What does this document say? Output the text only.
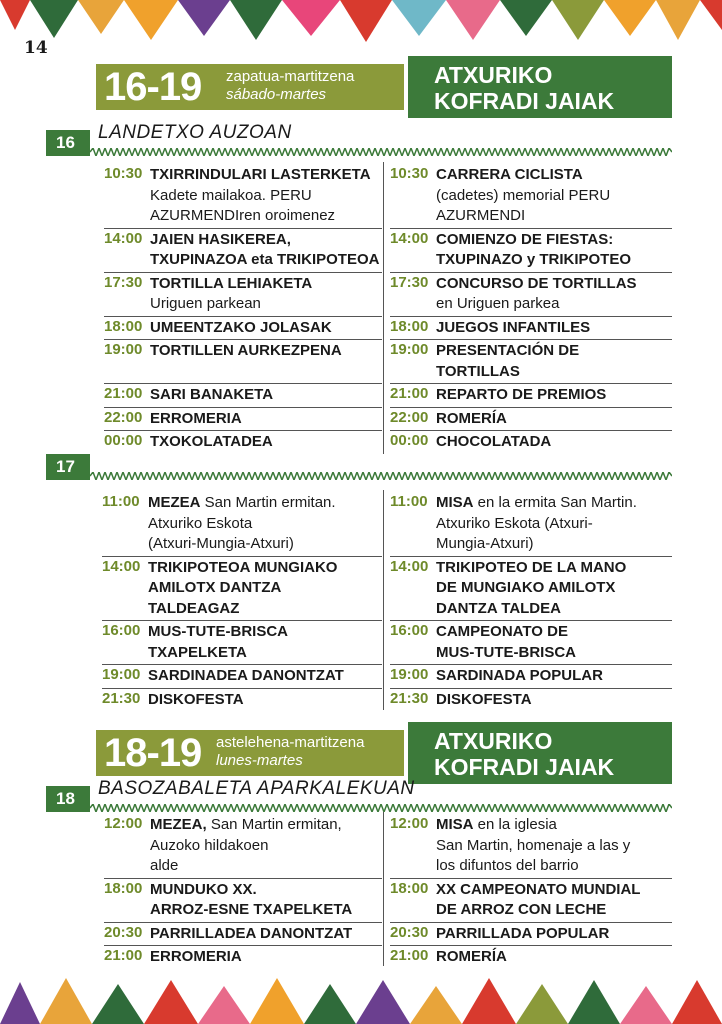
14
16-19 zapatua-martitzena
sábado-martes
ATXURIKO
KOFRADI JAIAK
16	LANDETXO AUZOAN
10:30 TXIRRINDULARI LASTERKETA
Kadete mailakoa. PERU
AZURMENDIren oroimenez
14:00 JAIEN HASIKEREA,
TXUPINAZOA eta TRIKIPOTEOA
17:30 TORTILLA LEHIAKETA
Uriguen parkean
18:00 UMEENTZAKO JOLASAK
19:00 TORTILLEN AURKEZPENA

21:00 SARI BANAKETA
22:00 ERROMERIA
00:00 TXOKOLATADEA
10:30 CARRERA CICLISTA
(cadetes) memorial PERU
AZURMENDI
14:00 COMIENZO DE FIESTAS:
TXUPINAZO y TRIKIPOTEO
17:30 CONCURSO DE TORTILLAS
en Uriguen parkea
18:00 JUEGOS INFANTILES
19:00 PRESENTACIÓN DE
TORTILLAS
21:00 REPARTO DE PREMIOS
22:00 ROMERÍA
00:00 CHOCOLATADA
17
11:00 MEZEA San Martin ermitan.
Atxuriko Eskota
(Atxuri-Mungia-Atxuri)
14:00 TRIKIPOTEOA MUNGIAKO
AMILOTX DANTZA
TALDEAGAZ
16:00 MUS-TUTE-BRISCA
TXAPELKETA
19:00 SARDINADEA DANONTZAT
21:30 DISKOFESTA
11:00 MISA en la ermita San Martin.
Atxuriko Eskota (Atxuri-
Mungia-Atxuri)
14:00 TRIKIPOTEO DE LA MANO
DE MUNGIAKO AMILOTX
DANTZA TALDEA
16:00 CAMPEONATO DE
MUS-TUTE-BRISCA
19:00 SARDINADA POPULAR
21:30 DISKOFESTA
18-19 astelehena-martitzena
lunes-martes
ATXURIKO
KOFRADI JAIAK
18	BASOZABALETA APARKALEKUAN
12:00 MEZEA, San Martin ermitan,
Auzoko hildakoen
alde
18:00 MUNDUKO XX.
ARROZ-ESNE TXAPELKETA
20:30 PARRILLADEA DANONTZAT
21:00 ERROMERIA
12:00 MISA en la iglesia
San Martin, homenaje a las y
los difuntos del barrio
18:00 XX CAMPEONATO MUNDIAL
DE ARROZ CON LECHE
20:30 PARRILLADA POPULAR
21:00 ROMERÍA
